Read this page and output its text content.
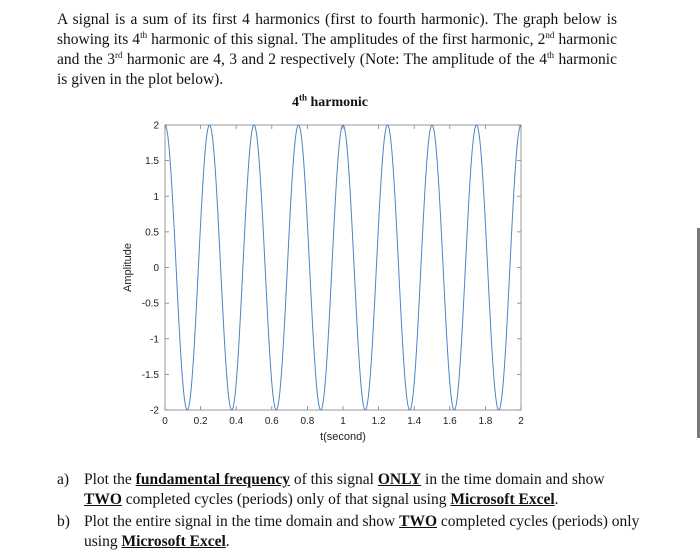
A signal is a sum of its first 4 harmonics (first to fourth harmonic). The graph below is showing its 4th harmonic of this signal. The amplitudes of the first harmonic, 2nd harmonic and the 3rd harmonic are 4, 3 and 2 respectively (Note: The amplitude of the 4th harmonic is given in the plot below).

4th harmonic
0	0.2 0.4 0.6 0.8	1	1.2 1.4 1.6 1.8	2
-2
-1.5
-1
-0.5
0
0.5
1
1.5
2
t(second)
Amplitude
a) Plot the fundamental frequency of this signal ONLY in the time domain and show TWO completed cycles (periods) only of that signal using Microsoft Excel.
b) Plot the entire signal in the time domain and show TWO completed cycles (periods) only using Microsoft Excel.
